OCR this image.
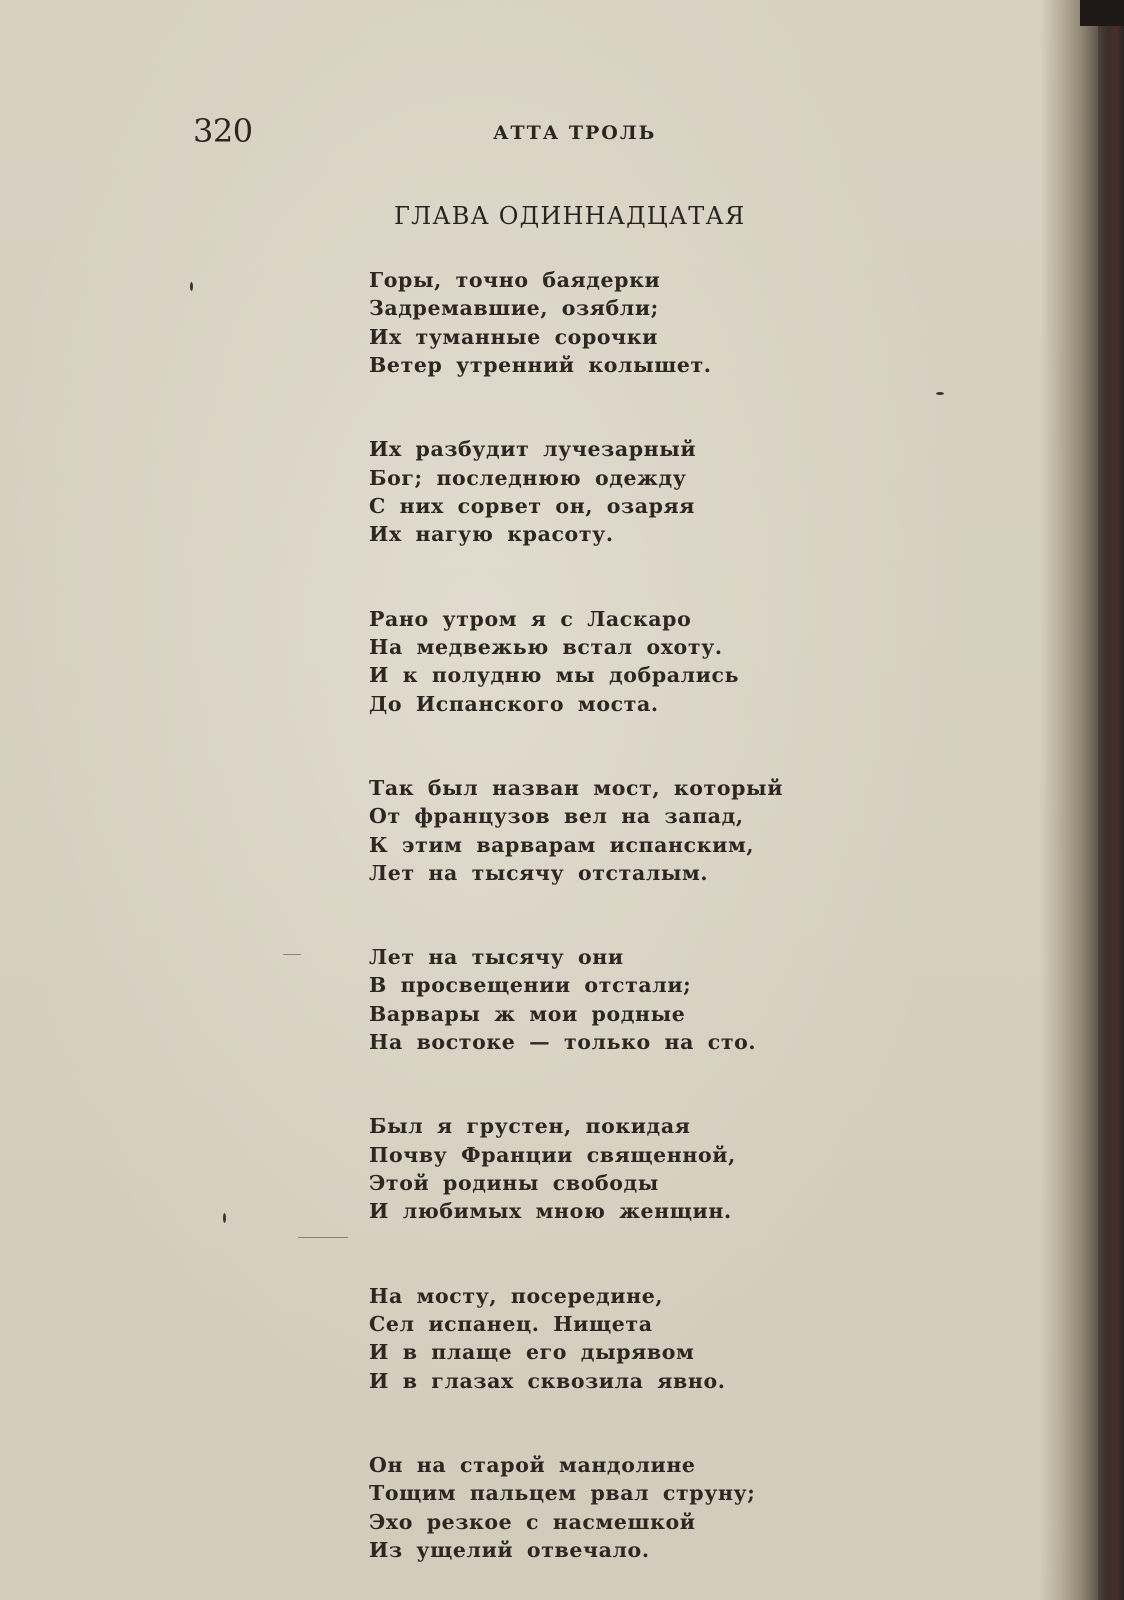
320	АТТА ТРОЛЬ
ГЛАВА ОДИННАДЦАТАЯ
Горы, точно баядерки
Задремавшие, озябли;
Их туманные сорочки
Ветер утренний колышет.
Их разбудит лучезарный
Бог; последнюю одежду
С них сорвет он, озаряя
Их нагую красоту.
Рано утром я с Ласкаро
На медвежью встал охоту.
И к полудню мы добрались
До Испанского моста.
Так был назван мост, который
От французов вел на запад,
К этим варварам испанским,
Лет на тысячу отсталым.
Лет на тысячу они
В просвещении отстали;
Варвары ж мои родные
На востоке — только на сто.
Был я грустен, покидая
Почву Франции священной,
Этой родины свободы
И любимых мною женщин.
На мосту, посередине,
Сел испанец. Нищета
И в плаще его дырявом
И в глазах сквозила явно.
Он на старой мандолине
Тощим пальцем рвал струну;
Эхо резкое с насмешкой
Из ущелий отвечало.
